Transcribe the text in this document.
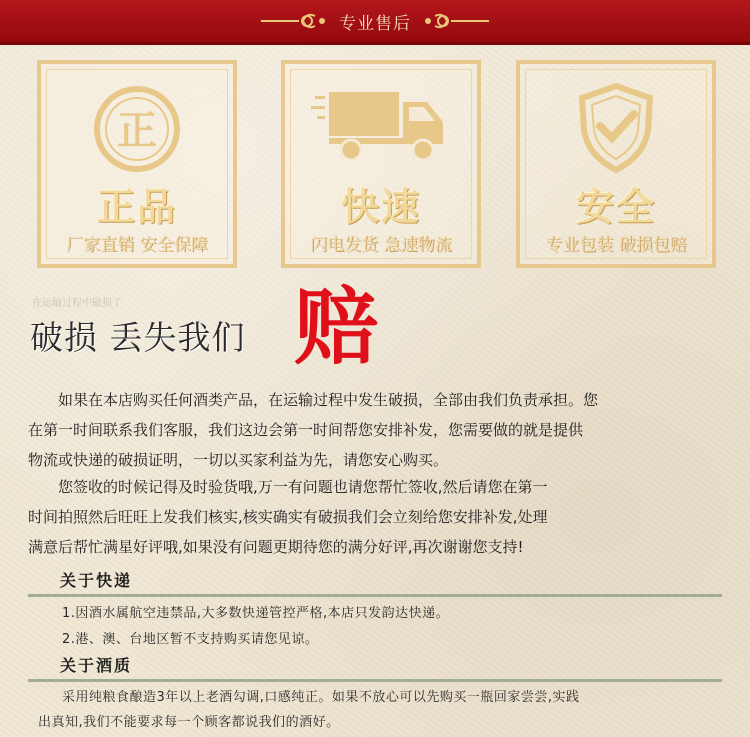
专业售后
正
正品
厂家直销 安全保障
快速
闪电发货 急速物流
安全
专业包装 破损包赔
在运输过程中破损了
破损 丢失我们 赔

如果在本店购买任何酒类产品，在运输过程中发生破损，全部由我们负责承担。您

在第一时间联系我们客服，我们这边会第一时间帮您安排补发，您需要做的就是提供

物流或快递的破损证明，一切以买家利益为先，请您安心购买。

您签收的时候记得及时验货哦,万一有问题也请您帮忙签收,然后请您在第一

时间拍照然后旺旺上发我们核实,核实确实有破损我们会立刻给您安排补发,处理

满意后帮忙满星好评哦,如果没有问题更期待您的满分好评,再次谢谢您支持!

关于快递
1.因酒水属航空违禁品,大多数快递管控严格,本店只发韵达快递。
2.港、澳、台地区暂不支持购买请您见谅。
关于酒质
采用纯粮食酿造3年以上老酒勾调,口感纯正。如果不放心可以先购买一瓶回家尝尝,实践
出真知,我们不能要求每一个顾客都说我们的酒好。
